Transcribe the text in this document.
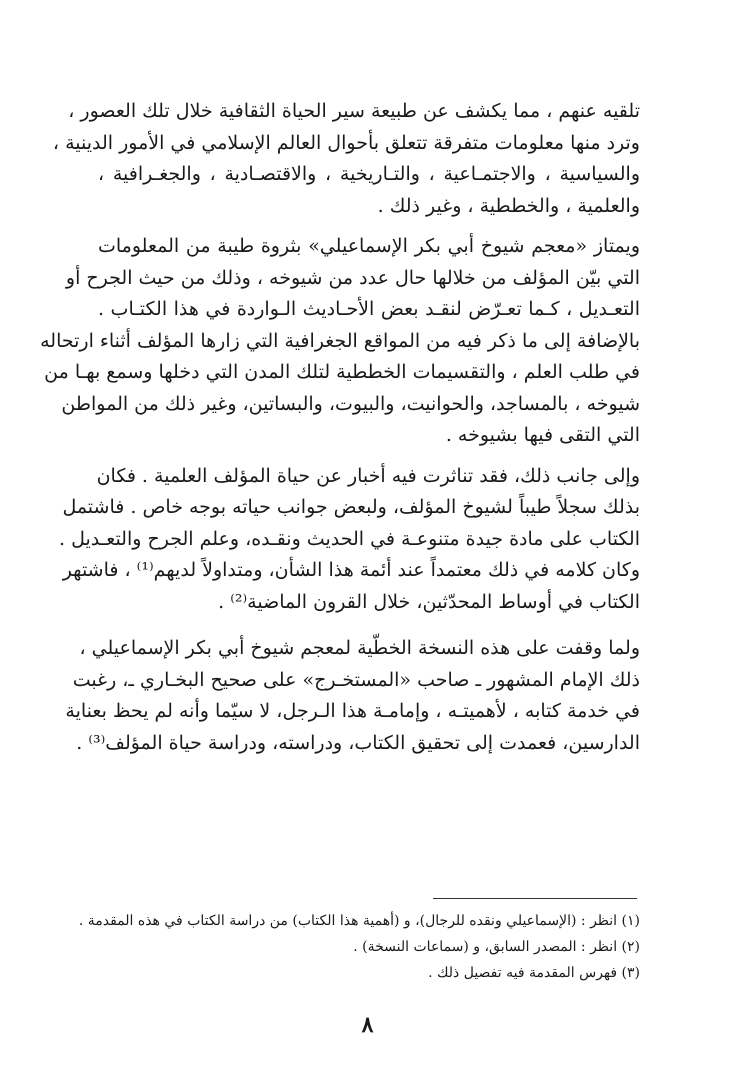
تلقيه عنهم ، مما يكشف عن طبيعة سير الحياة الثقافية خلال تلك العصور ،
وترد منها معلومات متفرقة تتعلق بأحوال العالم الإسلامي في الأمور الدينية ،
والسياسية ، والاجتمـاعية ، والتـاريخية ، والاقتصـادية ، والجغـرافية ،
والعلمية ، والخططية ، وغير ذلك .
ويمتاز «معجم شيوخ أبي بكر الإسماعيلي» بثروة طيبة من المعلومات
التي بيّن المؤلف من خلالها حال عدد من شيوخه ، وذلك من حيث الجرح أو
التعـديل ، كـما تعـرّض لنقـد بعض الأحـاديث الـواردة في هذا الكتـاب .
بالإضافة إلى ما ذكر فيه من المواقع الجغرافية التي زارها المؤلف أثناء ارتحاله
في طلب العلم ، والتقسيمات الخططية لتلك المدن التي دخلها وسمع بهـا من
شيوخه ، بالمساجد، والحوانيت، والبيوت، والبساتين، وغير ذلك من المواطن
التي التقى فيها بشيوخه .
وإلى جانب ذلك، فقد تناثرت فيه أخبار عن حياة المؤلف العلمية . فكان
بذلك سجلاً طيباً لشيوخ المؤلف، ولبعض جوانب حياته بوجه خاص . فاشتمل
الكتاب على مادة جيدة متنوعـة في الحديث ونقـده، وعلم الجرح والتعـديل .
وكان كلامه في ذلك معتمداً عند أئمة هذا الشأن، ومتداولاً لديهم⁽¹⁾ ، فاشتهر
الكتاب في أوساط المحدّثين، خلال القرون الماضية⁽²⁾ .
ولما وقفت على هذه النسخة الخطّية لمعجم شيوخ أبي بكر الإسماعيلي ،
ذلك الإمام المشهور ـ صاحب «المستخـرج» على صحيح البخـاري ـ، رغبت
في خدمة كتابه ، لأهميتـه ، وإمامـة هذا الـرجل، لا سيّما وأنه لم يحظ بعناية
الدارسين، فعمدت إلى تحقيق الكتاب، ودراسته، ودراسة حياة المؤلف⁽³⁾ .
(١) انظر : (الإسماعيلي ونقده للرجال)، و (أهمية هذا الكتاب) من دراسة الكتاب في هذه المقدمة .
(٢) انظر : المصدر السابق، و (سماعات النسخة) .
(٣) فهرس المقدمة فيه تفصيل ذلك .
٨
